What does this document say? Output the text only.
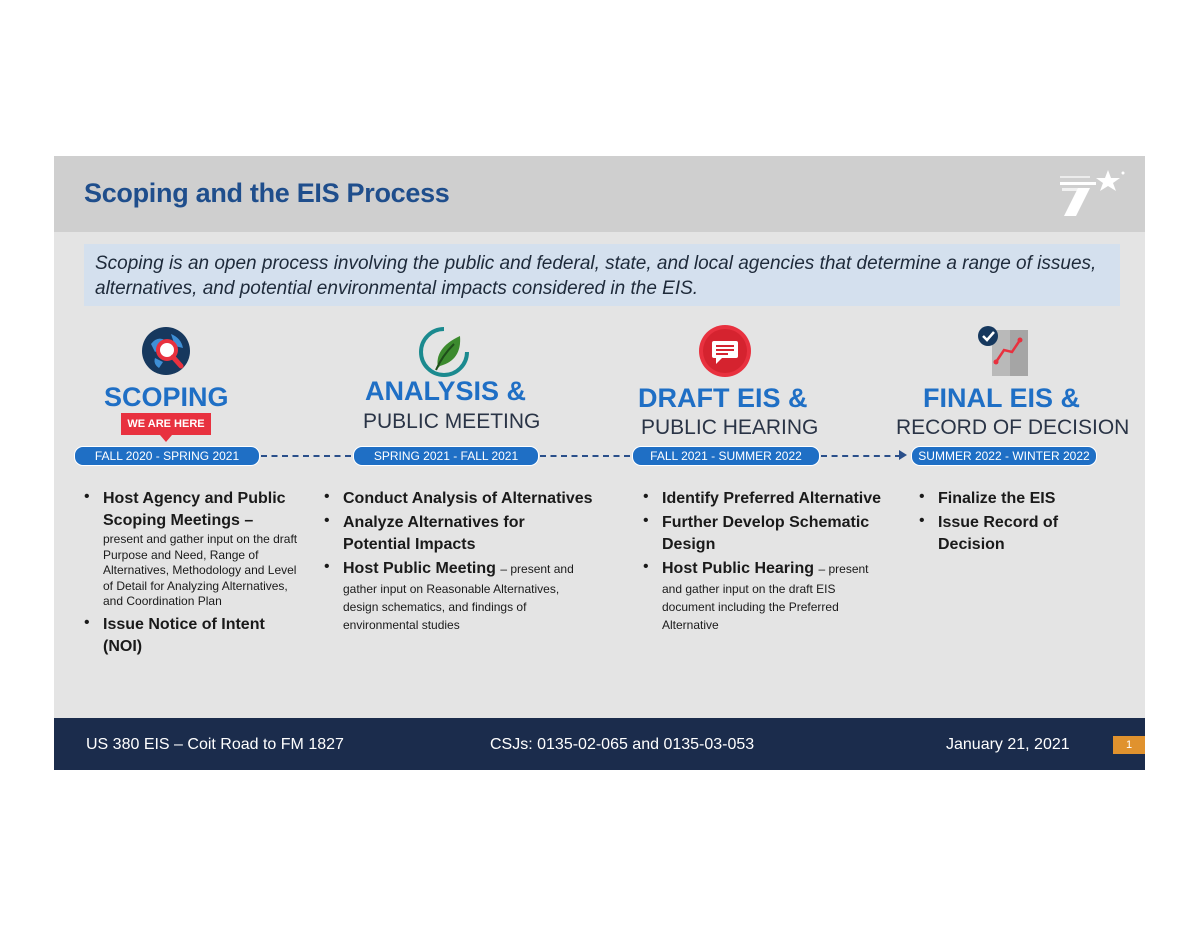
Scoping and the EIS Process
Scoping is an open process involving the public and federal, state, and local agencies that determine a range of issues, alternatives, and potential environmental impacts considered in the EIS.
SCOPING
WE ARE HERE
ANALYSIS &
PUBLIC MEETING
DRAFT EIS &
PUBLIC HEARING
FINAL EIS &
RECORD OF DECISION
FALL 2020 - SPRING 2021	SPRING 2021 - FALL 2021	FALL 2021 - SUMMER 2022	SUMMER 2022 - WINTER 2022
• Host Agency and Public Scoping Meetings –
present and gather input on the draft Purpose and Need, Range of Alternatives, Methodology and Level of Detail for Analyzing Alternatives, and Coordination Plan
• Issue Notice of Intent (NOI)
• Conduct Analysis of Alternatives
• Analyze Alternatives for Potential Impacts
• Host Public Meeting – present and gather input on Reasonable Alternatives, design schematics, and findings of environmental studies
• Identify Preferred Alternative
• Further Develop Schematic Design
• Host Public Hearing – present and gather input on the draft EIS document including the Preferred Alternative
• Finalize the EIS
• Issue Record of Decision
US 380 EIS – Coit Road to FM 1827	CSJs: 0135-02-065 and 0135-03-053	January 21, 2021	1
